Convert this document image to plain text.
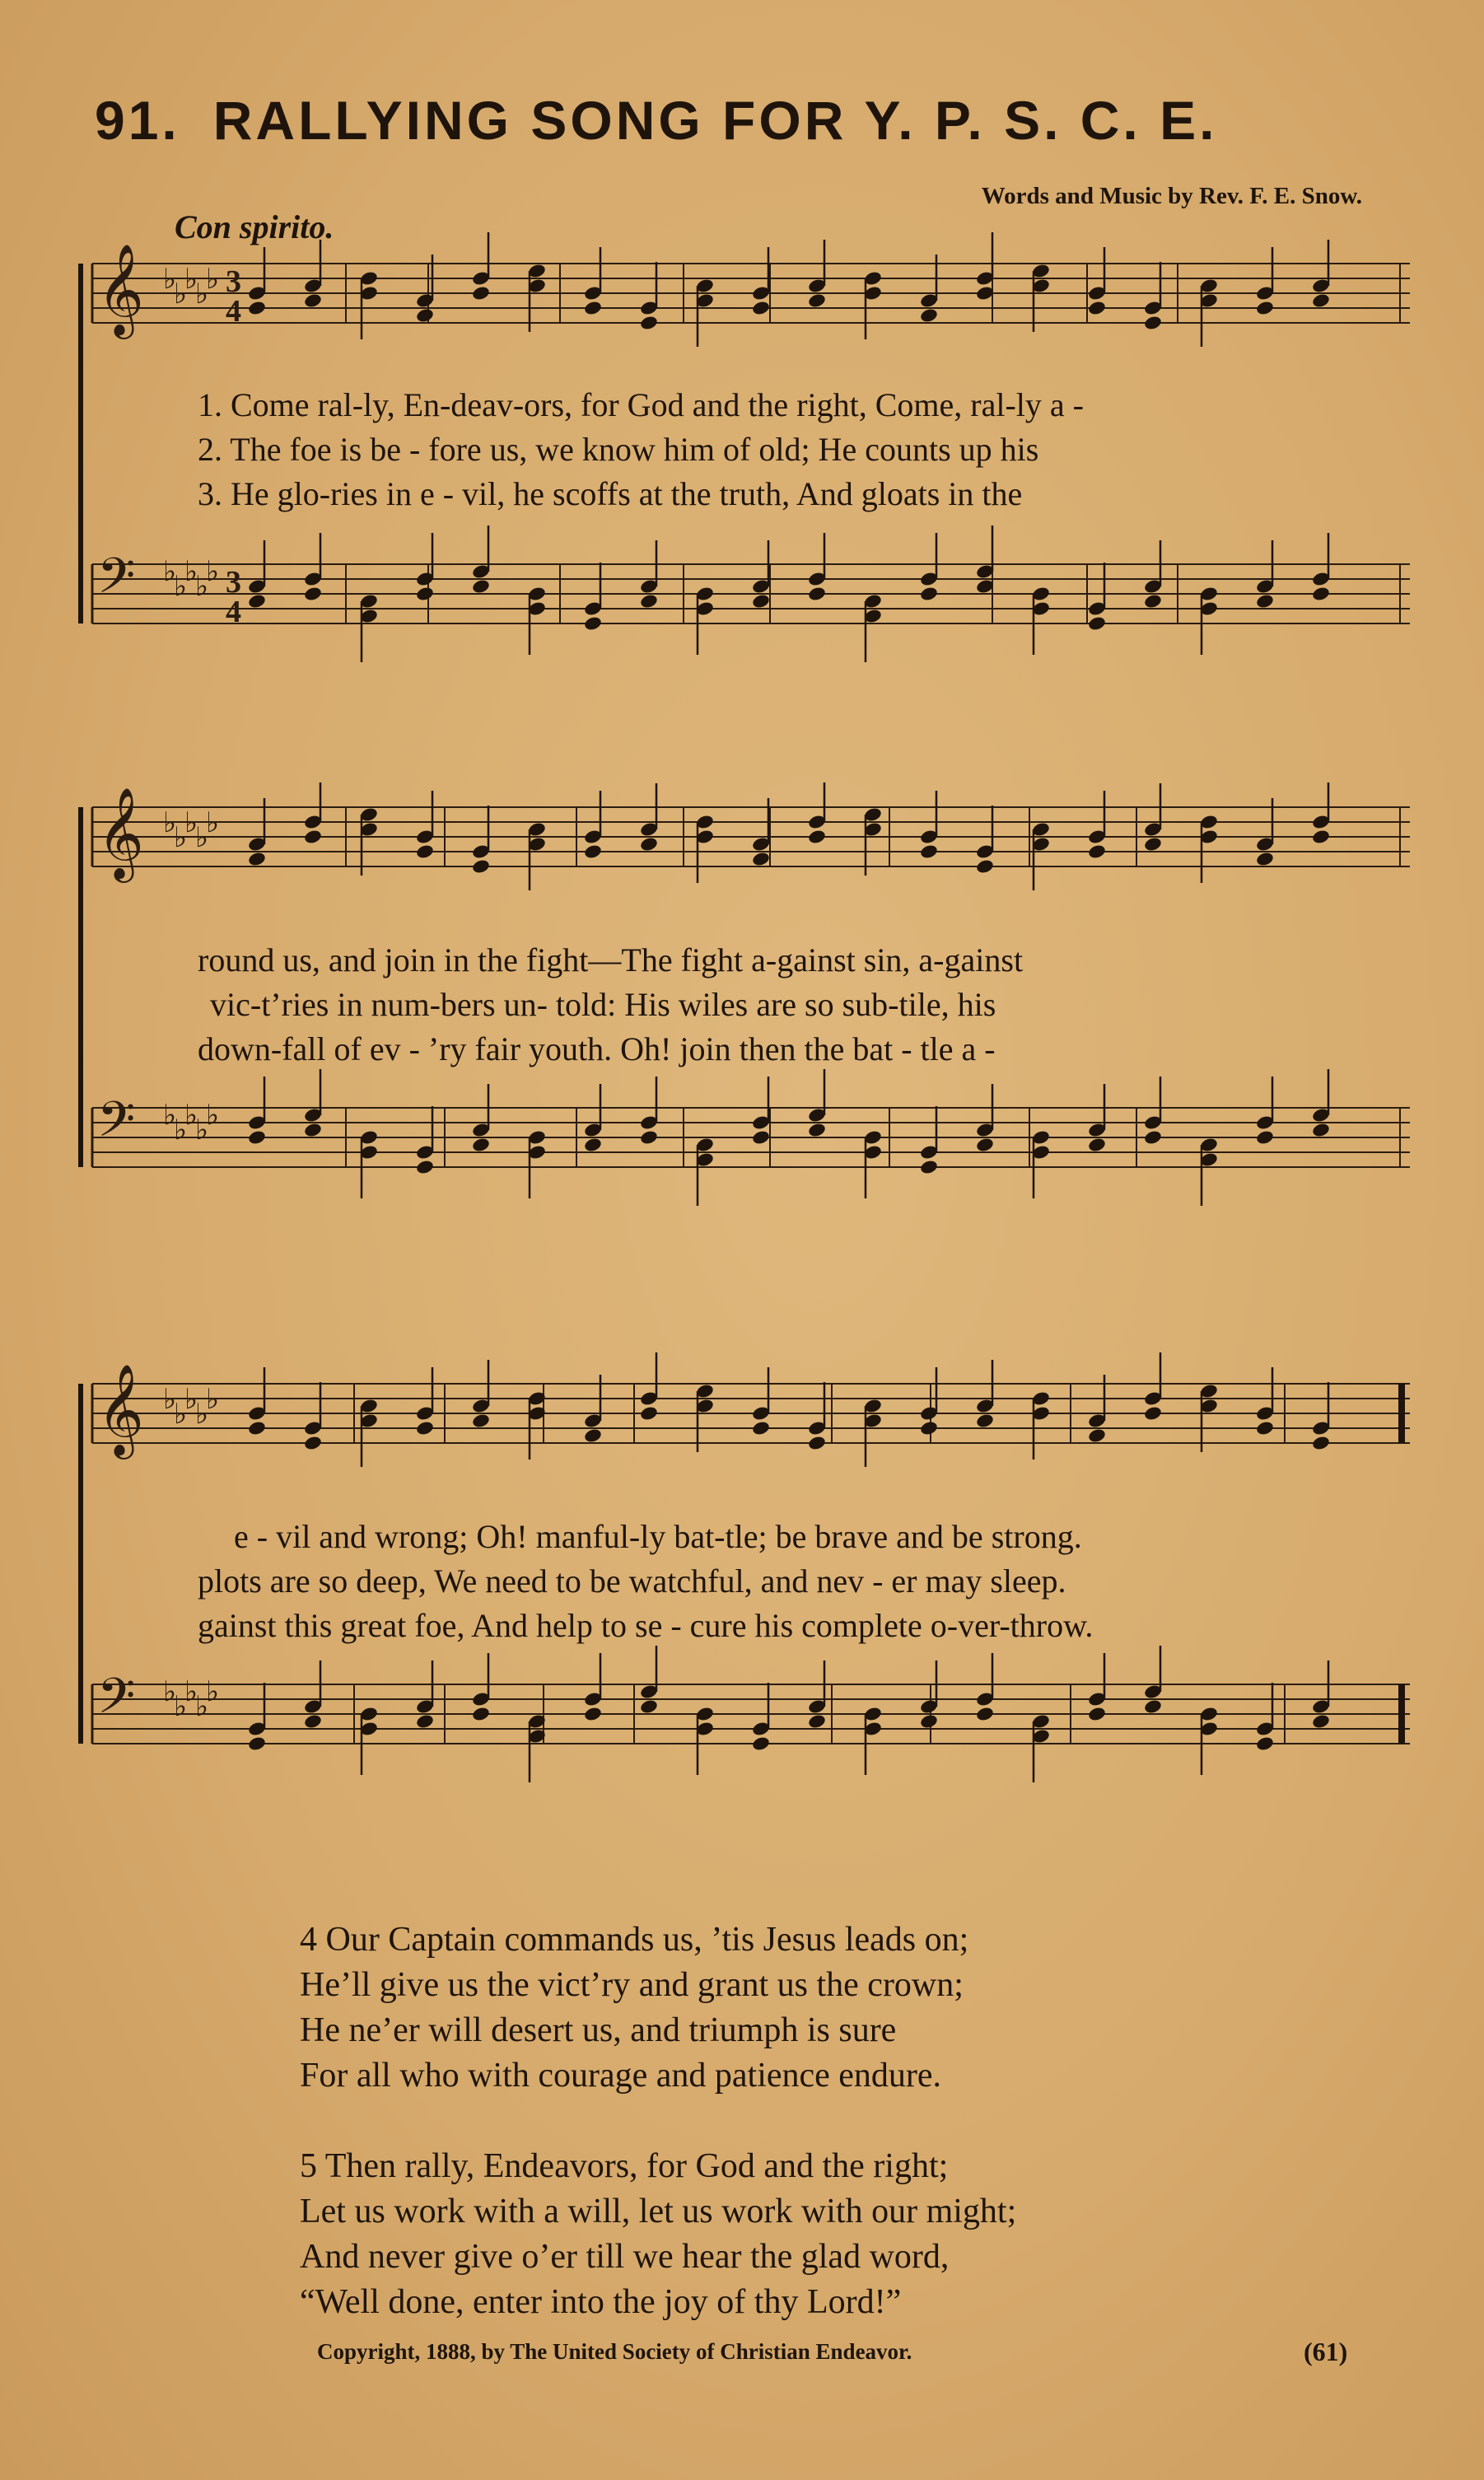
91. RALLYING SONG FOR Y. P. S. C. E.
Words and Music by Rev. F. E. Snow.
Con spirito.
𝄞 ♭
♭
♭
♭
♭ 3
4
𝄢 ♭
♭
♭
♭
♭ 3
4
1. Come ral-ly, En-deav-ors, for God and the right, Come, ral-ly a -
2. The foe is be - fore us, we know him of old; He counts up his
3. He glo-ries in e - vil, he scoffs at the truth, And gloats in the
𝄞 ♭
♭
♭
♭
♭
𝄢 ♭
♭
♭
♭
♭
round us, and join in the fight—The fight a-gainst sin, a-gainst
vic-t’ries in num-bers un- told: His wiles are so sub-tile, his
down-fall of ev - ’ry fair youth. Oh! join then the bat - tle a -
𝄞 ♭
♭
♭
♭
♭
𝄢 ♭
♭
♭
♭
♭
e - vil and wrong; Oh! manful-ly bat-tle; be brave and be strong.
plots are so deep, We need to be watchful, and nev - er may sleep.
gainst this great foe, And help to se - cure his complete o-ver-throw.
4 Our Captain commands us, ’tis Jesus leads on;
He’ll give us the vict’ry and grant us the crown;
He ne’er will desert us, and triumph is sure
For all who with courage and patience endure.
5 Then rally, Endeavors, for God and the right;
Let us work with a will, let us work with our might;
And never give o’er till we hear the glad word,
“Well done, enter into the joy of thy Lord!”
Copyright, 1888, by The United Society of Christian Endeavor.	(61)
